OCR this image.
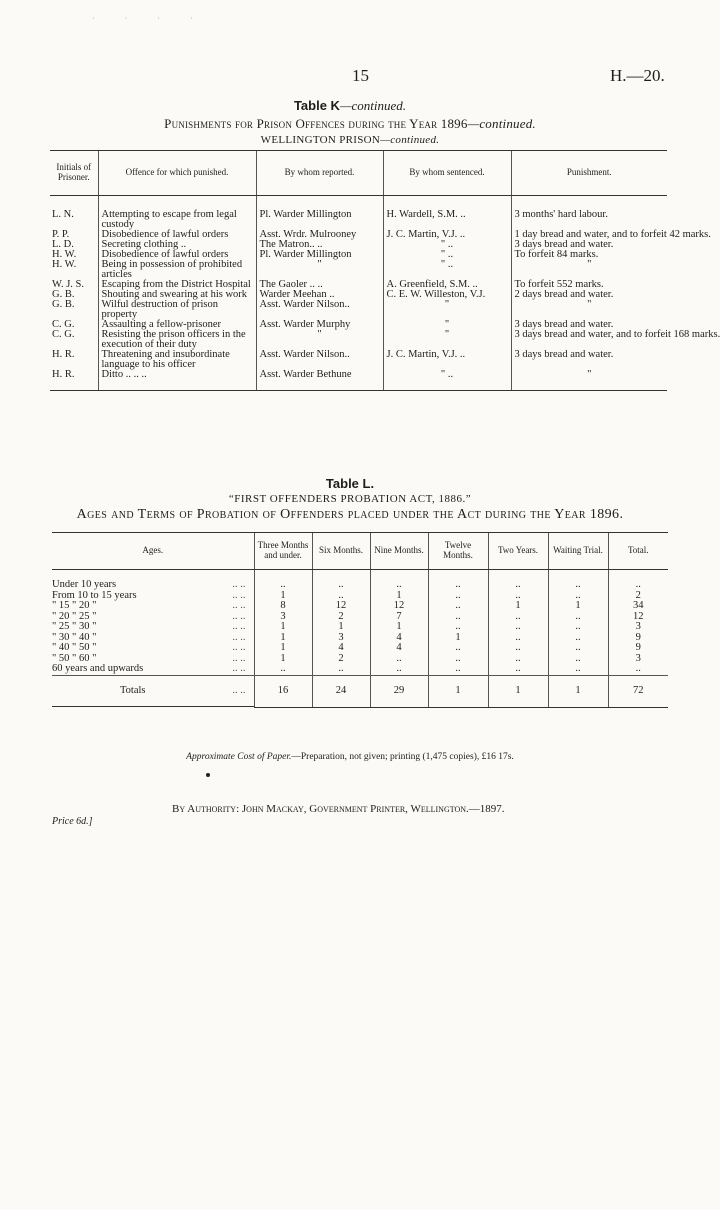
· · · ·
15	H.—20.
Table K—continued.
Punishments for Prison Offences during the Year 1896—continued.
WELLINGTON PRISON—continued.
Initials of Prisoner.	Offence for which punished.	By whom reported.	By whom sentenced.	Punishment.

L. N.	Attempting to escape from legal custody	Pl. Warder Millington	H. Wardell, S.M. ..	3 months' hard labour.
P. P.	Disobedience of lawful orders	Asst. Wrdr. Mulrooney	J. C. Martin, V.J. ..	1 day bread and water, and to forfeit 42 marks.
L. D.	Secreting clothing ..	The Matron.. ..	" ..	3 days bread and water.
H. W.	Disobedience of lawful orders	Pl. Warder Millington	" ..	To forfeit 84 marks.
H. W.	Being in possession of prohibited articles	"	" ..	"
W. J. S.	Escaping from the District Hospital	The Gaoler .. ..	A. Greenfield, S.M. ..	To forfeit 552 marks.
G. B.	Shouting and swearing at his work	Warder Meehan ..	C. E. W. Willeston, V.J.	2 days bread and water.
G. B.	Wilful destruction of prison property	Asst. Warder Nilson..	"	"
C. G.	Assaulting a fellow-prisoner	Asst. Warder Murphy	"	3 days bread and water.
C. G.	Resisting the prison officers in the execution of their duty	"	"	3 days bread and water, and to forfeit 168 marks.
H. R.	Threatening and insubordinate language to his officer	Asst. Warder Nilson..	J. C. Martin, V.J. ..	3 days bread and water.
H. R.	Ditto .. .. ..	Asst. Warder Bethune	" ..	"
Table L.
“FIRST OFFENDERS PROBATION ACT, 1886.”
Ages and Terms of Probation of Offenders placed under the Act during the Year 1896.
Ages.	Three Months and under.	Six Months.	Nine Months.	Twelve Months.	Two Years.	Waiting Trial.	Total.

Under 10 years	.. ..	..	..	..	..	..	..	..

From 10 to 15 years	.. ..	1	..	1	..	..	..	2

" 15 " 20 "	.. ..	8	12	12	..	1	1	34

" 20 " 25 "	.. ..	3	2	7	..	..	..	12

" 25 " 30 "	.. ..	1	1	1	..	..	..	3

" 30 " 40 "	.. ..	1	3	4	1	..	..	9

" 40 " 50 "	.. ..	1	4	4	..	..	..	9

" 50 " 60 "	.. ..	1	2	..	..	..	..	3

60 years and upwards	.. ..	..	..	..	..	..	..	..

Totals	.. ..	16	24	29	1	1	1	72
Approximate Cost of Paper.—Preparation, not given; printing (1,475 copies), £16 17s.
By Authority: John Mackay, Government Printer, Wellington.—1897.
Price 6d.]
